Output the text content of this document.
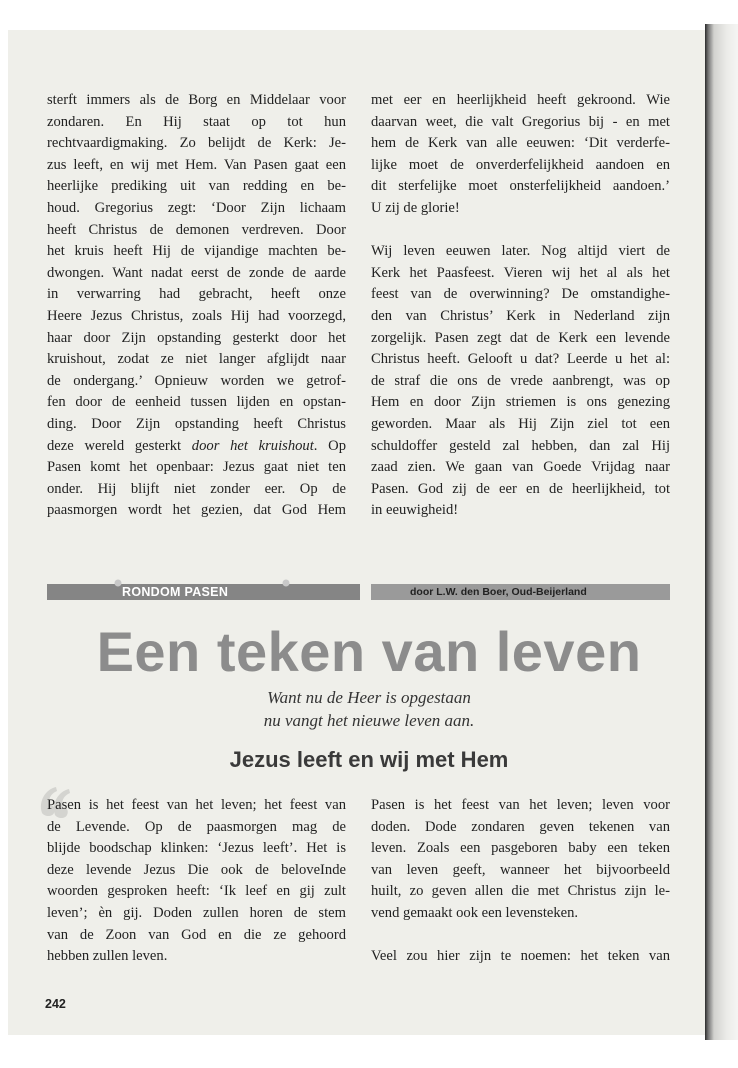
sterft immers als de Borg en Middelaar voor
zondaren. En Hij staat op tot hun
rechtvaardigmaking. Zo belijdt de Kerk: Je-
zus leeft, en wij met Hem. Van Pasen gaat een
heerlijke prediking uit van redding en be-
houd. Gregorius zegt: ‘Door Zijn lichaam
heeft Christus de demonen verdreven. Door
het kruis heeft Hij de vijandige machten be-
dwongen. Want nadat eerst de zonde de aarde
in verwarring had gebracht, heeft onze
Heere Jezus Christus, zoals Hij had voorzegd,
haar door Zijn opstanding gesterkt door het
kruishout, zodat ze niet langer afglijdt naar
de ondergang.’ Opnieuw worden we getrof-
fen door de eenheid tussen lijden en opstan-
ding. Door Zijn opstanding heeft Christus
deze wereld gesterkt door het kruishout. Op
Pasen komt het openbaar: Jezus gaat niet ten
onder. Hij blijft niet zonder eer. Op de
paasmorgen wordt het gezien, dat God Hem

met eer en heerlijkheid heeft gekroond. Wie
daarvan weet, die valt Gregorius bij - en met
hem de Kerk van alle eeuwen: ‘Dit verderfe-
lijke moet de onverderfelijkheid aandoen en
dit sterfelijke moet onsterfelijkheid aandoen.’
U zij de glorie!

Wij leven eeuwen later. Nog altijd viert de
Kerk het Paasfeest. Vieren wij het al als het
feest van de overwinning? De omstandighe-
den van Christus’ Kerk in Nederland zijn
zorgelijk. Pasen zegt dat de Kerk een levende
Christus heeft. Gelooft u dat? Leerde u het al:
de straf die ons de vrede aanbrengt, was op
Hem en door Zijn striemen is ons genezing
geworden. Maar als Hij Zijn ziel tot een
schuldoffer gesteld zal hebben, dan zal Hij
zaad zien. We gaan van Goede Vrijdag naar
Pasen. God zij de eer en de heerlijkheid, tot
in eeuwigheid!

RONDOM PASEN	door L.W. den Boer, Oud-Beijerland
Een teken van leven

Want nu de Heer is opgestaan

nu vangt het nieuwe leven aan.

Jezus leeft en wij met Hem
Pasen is het feest van het leven; het feest van
de Levende. Op de paasmorgen mag de
blijde boodschap klinken: ‘Jezus leeft’. Het is
deze levende Jezus Die ook de beloveInde
woorden gesproken heeft: ‘Ik leef en gij zult
leven’; èn gij. Doden zullen horen de stem
van de Zoon van God en die ze gehoord
hebben zullen leven.

Pasen is het feest van het leven; leven voor
doden. Dode zondaren geven tekenen van
leven. Zoals een pasgeboren baby een teken
van leven geeft, wanneer het bijvoorbeeld
huilt, zo geven allen die met Christus zijn le-
vend gemaakt ook een levensteken.

Veel zou hier zijn te noemen: het teken van

242
